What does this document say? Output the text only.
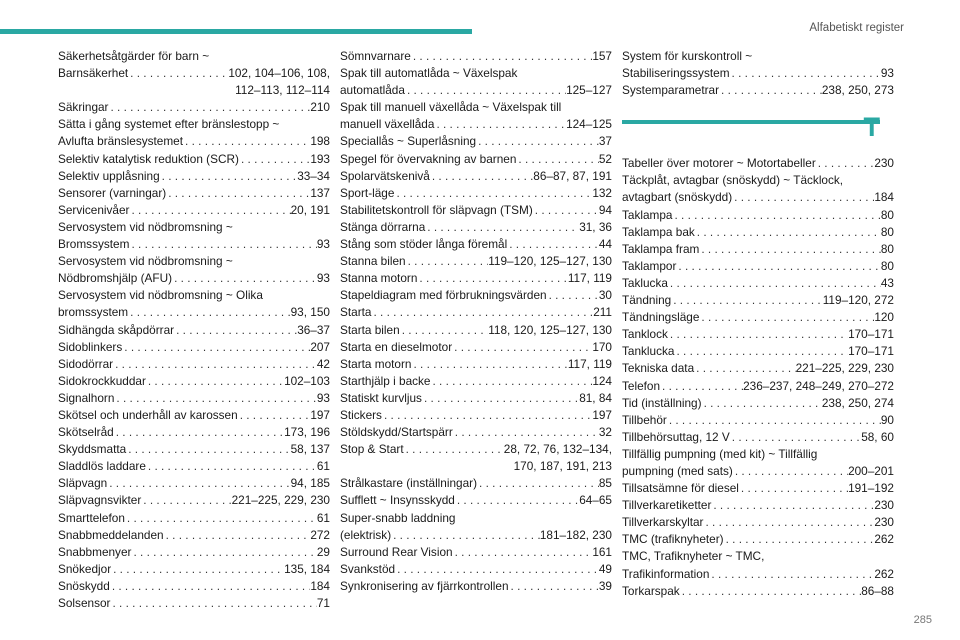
Alfabetiskt register
Säkerhetsåtgärder för barn ~
Barnsäkerhet . . .	102, 104–106, 108,
112–113, 112–114
Säkringar . . .	210
Sätta i gång systemet efter bränslestopp ~
Avlufta bränslesystemet . . .	198
Selektiv katalytisk reduktion (SCR) . . .	193
Selektiv upplåsning . . .	33–34
Sensorer (varningar) . . .	137
Servicenivåer . . .	20, 191
Servosystem vid nödbromsning ~
Bromssystem . . .	93
Servosystem vid nödbromsning ~
Nödbromshjälp (AFU) . . .	93
Servosystem vid nödbromsning ~ Olika
bromssystem . . .	93, 150
Sidhängda skåpdörrar . . .	36–37
Sidoblinkers . . .	207
Sidodörrar . . .	42
Sidokrockkuddar . . .	102–103
Signalhorn . . .	93
Skötsel och underhåll av karossen . . .	197
Skötselråd . . .	173, 196
Skyddsmatta . . .	58, 137
Sladdlös laddare . . .	61
Släpvagn . . .	94, 185
Släpvagnsvikter . . .	221–225, 229, 230
Smarttelefon . . .	61
Snabbmeddelanden . . .	272
Snabbmenyer . . .	29
Snökedjor . . .	135, 184
Snöskydd . . .	184
Solsensor . . .	71
Sömnvarnare . . .	157
Spak till automatlåda ~ Växelspak
automatlåda . . .	125–127
Spak till manuell växellåda ~ Växelspak till
manuell växellåda . . .	124–125
Speciallås ~ Superlåsning . . .	37
Spegel för övervakning av barnen . . .	52
Spolarvätskenivå . . .	86–87, 87, 191
Sport-läge . . .	132
Stabilitetskontroll för släpvagn (TSM) . . .	94
Stänga dörrarna . . .	31, 36
Stång som stöder långa föremål . . .	44
Stanna bilen . . .	119–120, 125–127, 130
Stanna motorn . . .	117, 119
Stapeldiagram med förbrukningsvärden . . .	30
Starta . . .	211
Starta bilen . . .	118, 120, 125–127, 130
Starta en dieselmotor . . .	170
Starta motorn . . .	117, 119
Starthjälp i backe . . .	124
Statiskt kurvljus . . .	81, 84
Stickers . . .	197
Stöldskydd/Startspärr . . .	32
Stop & Start . . .	28, 72, 76, 132–134,
170, 187, 191, 213
Strålkastare (inställningar) . . .	85
Sufflett ~ Insynsskydd . . .	64–65
Super-snabb laddning
(elektrisk) . . .	181–182, 230
Surround Rear Vision . . .	161
Svankstöd . . .	49
Synkronisering av fjärrkontrollen . . .	39
System för kurskontroll ~
Stabiliseringssystem . . .	93
Systemparametrar . . .	238, 250, 273
T
Tabeller över motorer ~ Motortabeller . . .	230
Täckplåt, avtagbar (snöskydd) ~ Täcklock,
avtagbart (snöskydd) . . .	184
Taklampa . . .	80
Taklampa bak . . .	80
Taklampa fram . . .	80
Taklampor . . .	80
Taklucka . . .	43
Tändning . . .	119–120, 272
Tändningsläge . . .	120
Tanklock . . .	170–171
Tanklucka . . .	170–171
Tekniska data . . .	221–225, 229, 230
Telefon . . .	236–237, 248–249, 270–272
Tid (inställning) . . .	238, 250, 274
Tillbehör . . .	90
Tillbehörsuttag, 12 V . . .	58, 60
Tillfällig pumpning (med kit) ~ Tillfällig
pumpning (med sats) . . .	200–201
Tillsatsämne för diesel . . .	191–192
Tillverkaretiketter . . .	230
Tillverkarskyltar . . .	230
TMC (trafiknyheter) . . .	262
TMC, Trafiknyheter ~ TMC,
Trafikinformation . . .	262
Torkarspak . . .	86–88
285
